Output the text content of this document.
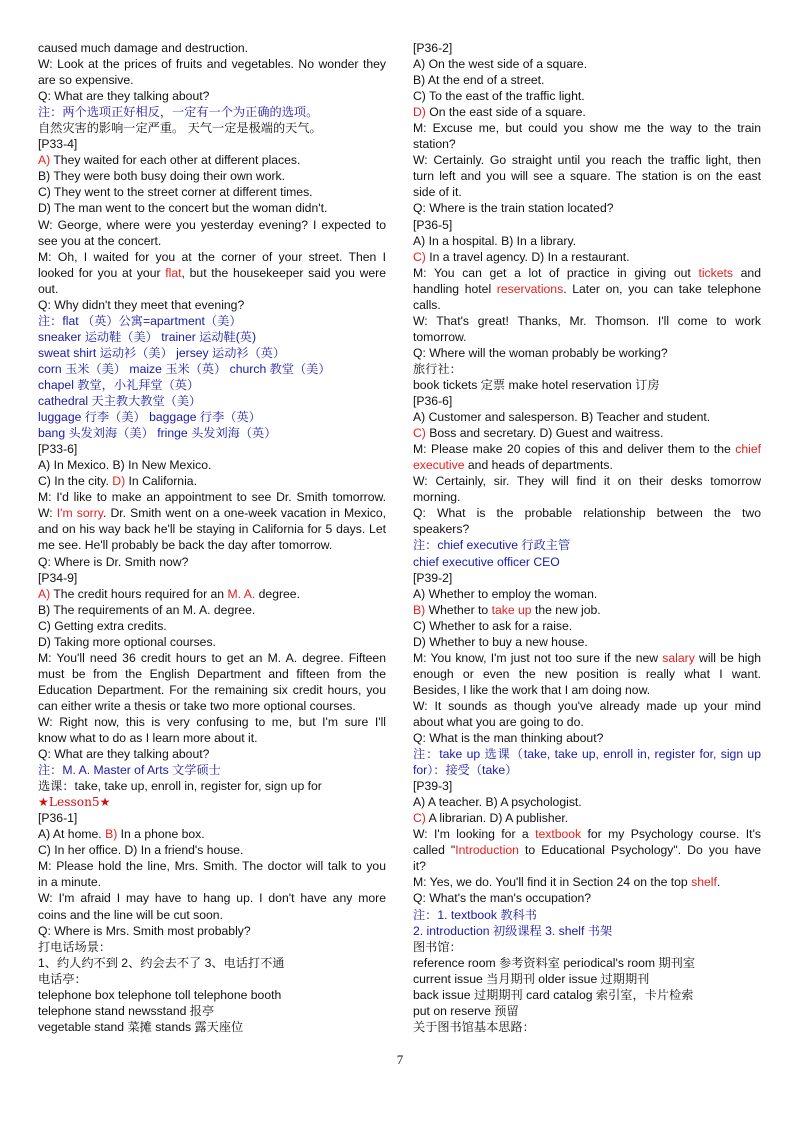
caused much damage and destruction.
W: Look at the prices of fruits and vegetables. No wonder they
are so expensive.
Q: What are they talking about?
注：两个选项正好相反，一定有一个为正确的选项。
自然灾害的影响一定严重。 天气一定是极端的天气。
[P33-4]
A) They waited for each other at different places.
B) They were both busy doing their own work.
C) They went to the street corner at different times.
D) The man went to the concert but the woman didn't.
W: George, where were you yesterday evening? I expected to
see you at the concert.
M: Oh, I waited for you at the corner of your street. Then I
looked for you at your flat, but the housekeeper said you were
out.
Q: Why didn't they meet that evening?
注：flat （英）公寓=apartment（美）
sneaker 运动鞋（美） trainer 运动鞋(英)
sweat shirt 运动衫（美） jersey 运动衫（英）
corn 玉米（美） maize 玉米（英） church 教堂（美）
chapel 教堂，小礼拜堂（英）
cathedral 天主教大教堂（美）
luggage 行李（美） baggage 行李（英）
bang 头发刘海（美） fringe 头发刘海（英）
[P33-6]
A) In Mexico. B) In New Mexico.
C) In the city. D) In California.
M: I'd like to make an appointment to see Dr. Smith tomorrow.
W: I'm sorry. Dr. Smith went on a one-week vacation in Mexico,
and on his way back he'll be staying in California for 5 days. Let
me see. He'll probably be back the day after tomorrow.
Q: Where is Dr. Smith now?
[P34-9]
A) The credit hours required for an M. A. degree.
B) The requirements of an M. A. degree.
C) Getting extra credits.
D) Taking more optional courses.
M: You'll need 36 credit hours to get an M. A. degree. Fifteen
must be from the English Department and fifteen from the
Education Department. For the remaining six credit hours, you
can either write a thesis or take two more optional courses.
W: Right now, this is very confusing to me, but I'm sure I'll
know what to do as I learn more about it.
Q: What are they talking about?
注：M. A. Master of Arts 文学硕士
选课：take, take up, enroll in, register for, sign up for
★Lesson5★
[P36-1]
A) At home. B) In a phone box.
C) In her office. D) In a friend's house.
M: Please hold the line, Mrs. Smith. The doctor will talk to you
in a minute.
W: I'm afraid I may have to hang up. I don't have any more
coins and the line will be cut soon.
Q: Where is Mrs. Smith most probably?
打电话场景：
1、约人约不到 2、约会去不了 3、电话打不通
电话亭：
telephone box telephone toll telephone booth
telephone stand newsstand 报亭
vegetable stand 菜摊 stands 露天座位
[P36-2]
A) On the west side of a square.
B) At the end of a street.
C) To the east of the traffic light.
D) On the east side of a square.
M: Excuse me, but could you show me the way to the train
station?
W: Certainly. Go straight until you reach the traffic light, then
turn left and you will see a square. The station is on the east
side of it.
Q: Where is the train station located?
[P36-5]
A) In a hospital. B) In a library.
C) In a travel agency. D) In a restaurant.
M: You can get a lot of practice in giving out tickets and
handling hotel reservations. Later on, you can take telephone
calls.
W: That's great! Thanks, Mr. Thomson. I'll come to work
tomorrow.
Q: Where will the woman probably be working?
旅行社：
book tickets 定票 make hotel reservation 订房
[P36-6]
A) Customer and salesperson. B) Teacher and student.
C) Boss and secretary. D) Guest and waitress.
M: Please make 20 copies of this and deliver them to the chief
executive and heads of departments.
W: Certainly, sir. They will find it on their desks tomorrow
morning.
Q: What is the probable relationship between the two
speakers?
注：chief executive 行政主管
chief executive officer CEO
[P39-2]
A) Whether to employ the woman.
B) Whether to take up the new job.
C) Whether to ask for a raise.
D) Whether to buy a new house.
M: You know, I'm just not too sure if the new salary will be high
enough or even the new position is really what I want.
Besides, I like the work that I am doing now.
W: It sounds as though you've already made up your mind
about what you are going to do.
Q: What is the man thinking about?
注：take up 选课（take, take up, enroll in, register for, sign up
for）：接受（take）
[P39-3]
A) A teacher. B) A psychologist.
C) A librarian. D) A publisher.
W: I'm looking for a textbook for my Psychology course. It's
called "Introduction to Educational Psychology". Do you have
it?
M: Yes, we do. You'll find it in Section 24 on the top shelf.
Q: What's the man's occupation?
注：1. textbook 教科书
2. introduction 初级课程 3. shelf 书架
图书馆：
reference room 参考资料室 periodical's room 期刊室
current issue 当月期刊 older issue 过期期刊
back issue 过期期刊 card catalog 索引室，卡片检索
put on reserve 预留
关于图书馆基本思路：
7
